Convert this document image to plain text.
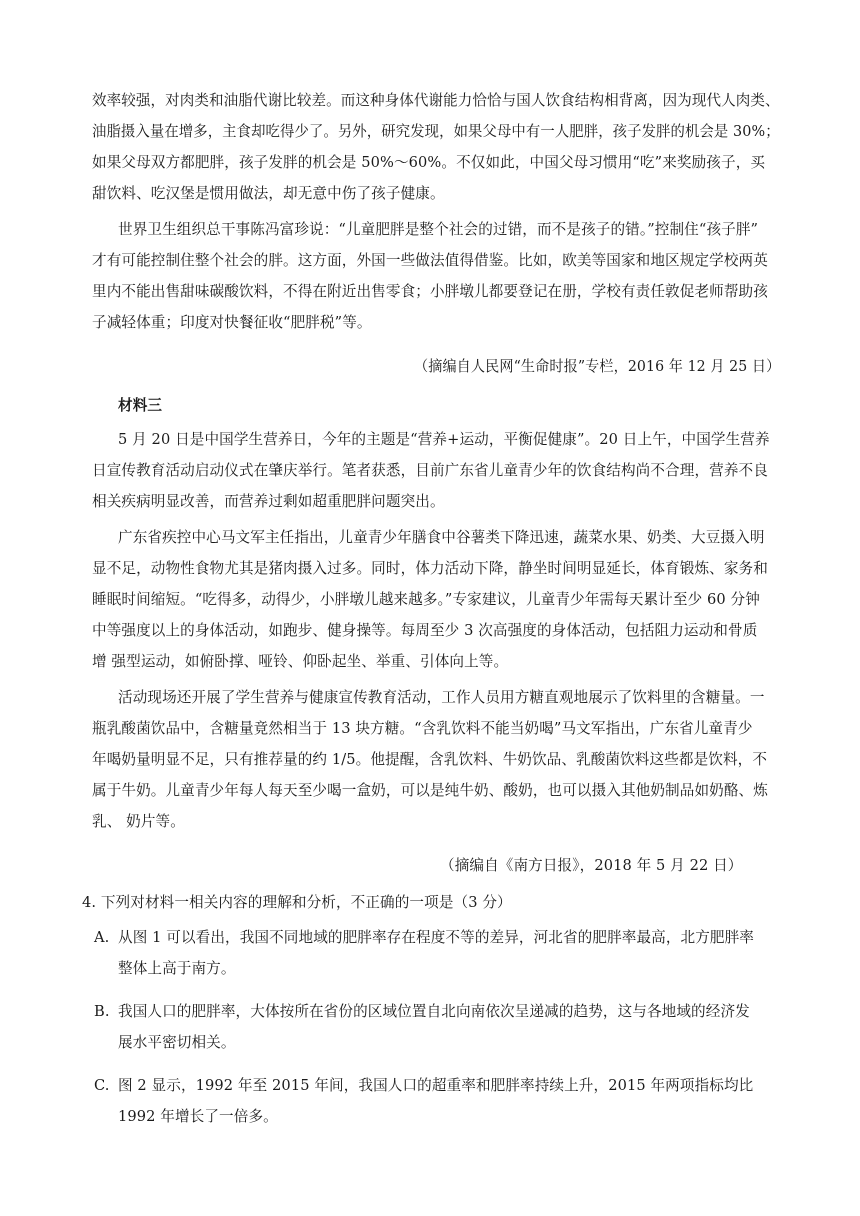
效率较强，对肉类和油脂代谢比较差。而这种身体代谢能力恰恰与国人饮食结构相背离，因为现代人肉类、
油脂摄入量在增多，主食却吃得少了。另外，研究发现，如果父母中有一人肥胖，孩子发胖的机会是 30%；
如果父母双方都肥胖，孩子发胖的机会是 50%～60%。不仅如此，中国父母习惯用“吃”来奖励孩子，买
甜饮料、吃汉堡是惯用做法，却无意中伤了孩子健康。
世界卫生组织总干事陈冯富珍说：“儿童肥胖是整个社会的过错，而不是孩子的错。”控制住“孩子胖”
才有可能控制住整个社会的胖。这方面，外国一些做法值得借鉴。比如，欧美等国家和地区规定学校两英
里内不能出售甜味碳酸饮料，不得在附近出售零食；小胖墩儿都要登记在册，学校有责任敦促老师帮助孩
子减轻体重；印度对快餐征收“肥胖税”等。
（摘编自人民网“生命时报”专栏，2016 年 12 月 25 日）
材料三
5 月 20 日是中国学生营养日，今年的主题是“营养+运动，平衡促健康”。20 日上午，中国学生营养
日宣传教育活动启动仪式在肇庆举行。笔者获悉，目前广东省儿童青少年的饮食结构尚不合理，营养不良
相关疾病明显改善，而营养过剩如超重肥胖问题突出。
广东省疾控中心马文军主任指出，儿童青少年膳食中谷薯类下降迅速，蔬菜水果、奶类、大豆摄入明
显不足，动物性食物尤其是猪肉摄入过多。同时，体力活动下降，静坐时间明显延长，体育锻炼、家务和
睡眠时间缩短。“吃得多，动得少，小胖墩儿越来越多。”专家建议，儿童青少年需每天累计至少 60 分钟
中等强度以上的身体活动，如跑步、健身操等。每周至少 3 次高强度的身体活动，包括阻力运动和骨质
增 强型运动，如俯卧撑、哑铃、仰卧起坐、举重、引体向上等。
活动现场还开展了学生营养与健康宣传教育活动，工作人员用方糖直观地展示了饮料里的含糖量。一
瓶乳酸菌饮品中，含糖量竟然相当于 13 块方糖。“含乳饮料不能当奶喝”马文军指出，广东省儿童青少
年喝奶量明显不足，只有推荐量的约 1/5。他提醒，含乳饮料、牛奶饮品、乳酸菌饮料这些都是饮料，不
属于牛奶。儿童青少年每人每天至少喝一盒奶，可以是纯牛奶、酸奶，也可以摄入其他奶制品如奶酪、炼
乳、 奶片等。
（摘编自《南方日报》，2018 年 5 月 22 日）
4. 下列对材料一相关内容的理解和分析，不正确的一项是（3 分）
A. 从图 1 可以看出，我国不同地域的肥胖率存在程度不等的差异，河北省的肥胖率最高，北方肥胖率
整体上高于南方。
B. 我国人口的肥胖率，大体按所在省份的区域位置自北向南依次呈递减的趋势，这与各地域的经济发
展水平密切相关。
C. 图 2 显示，1992 年至 2015 年间，我国人口的超重率和肥胖率持续上升，2015 年两项指标均比
1992 年增长了一倍多。
